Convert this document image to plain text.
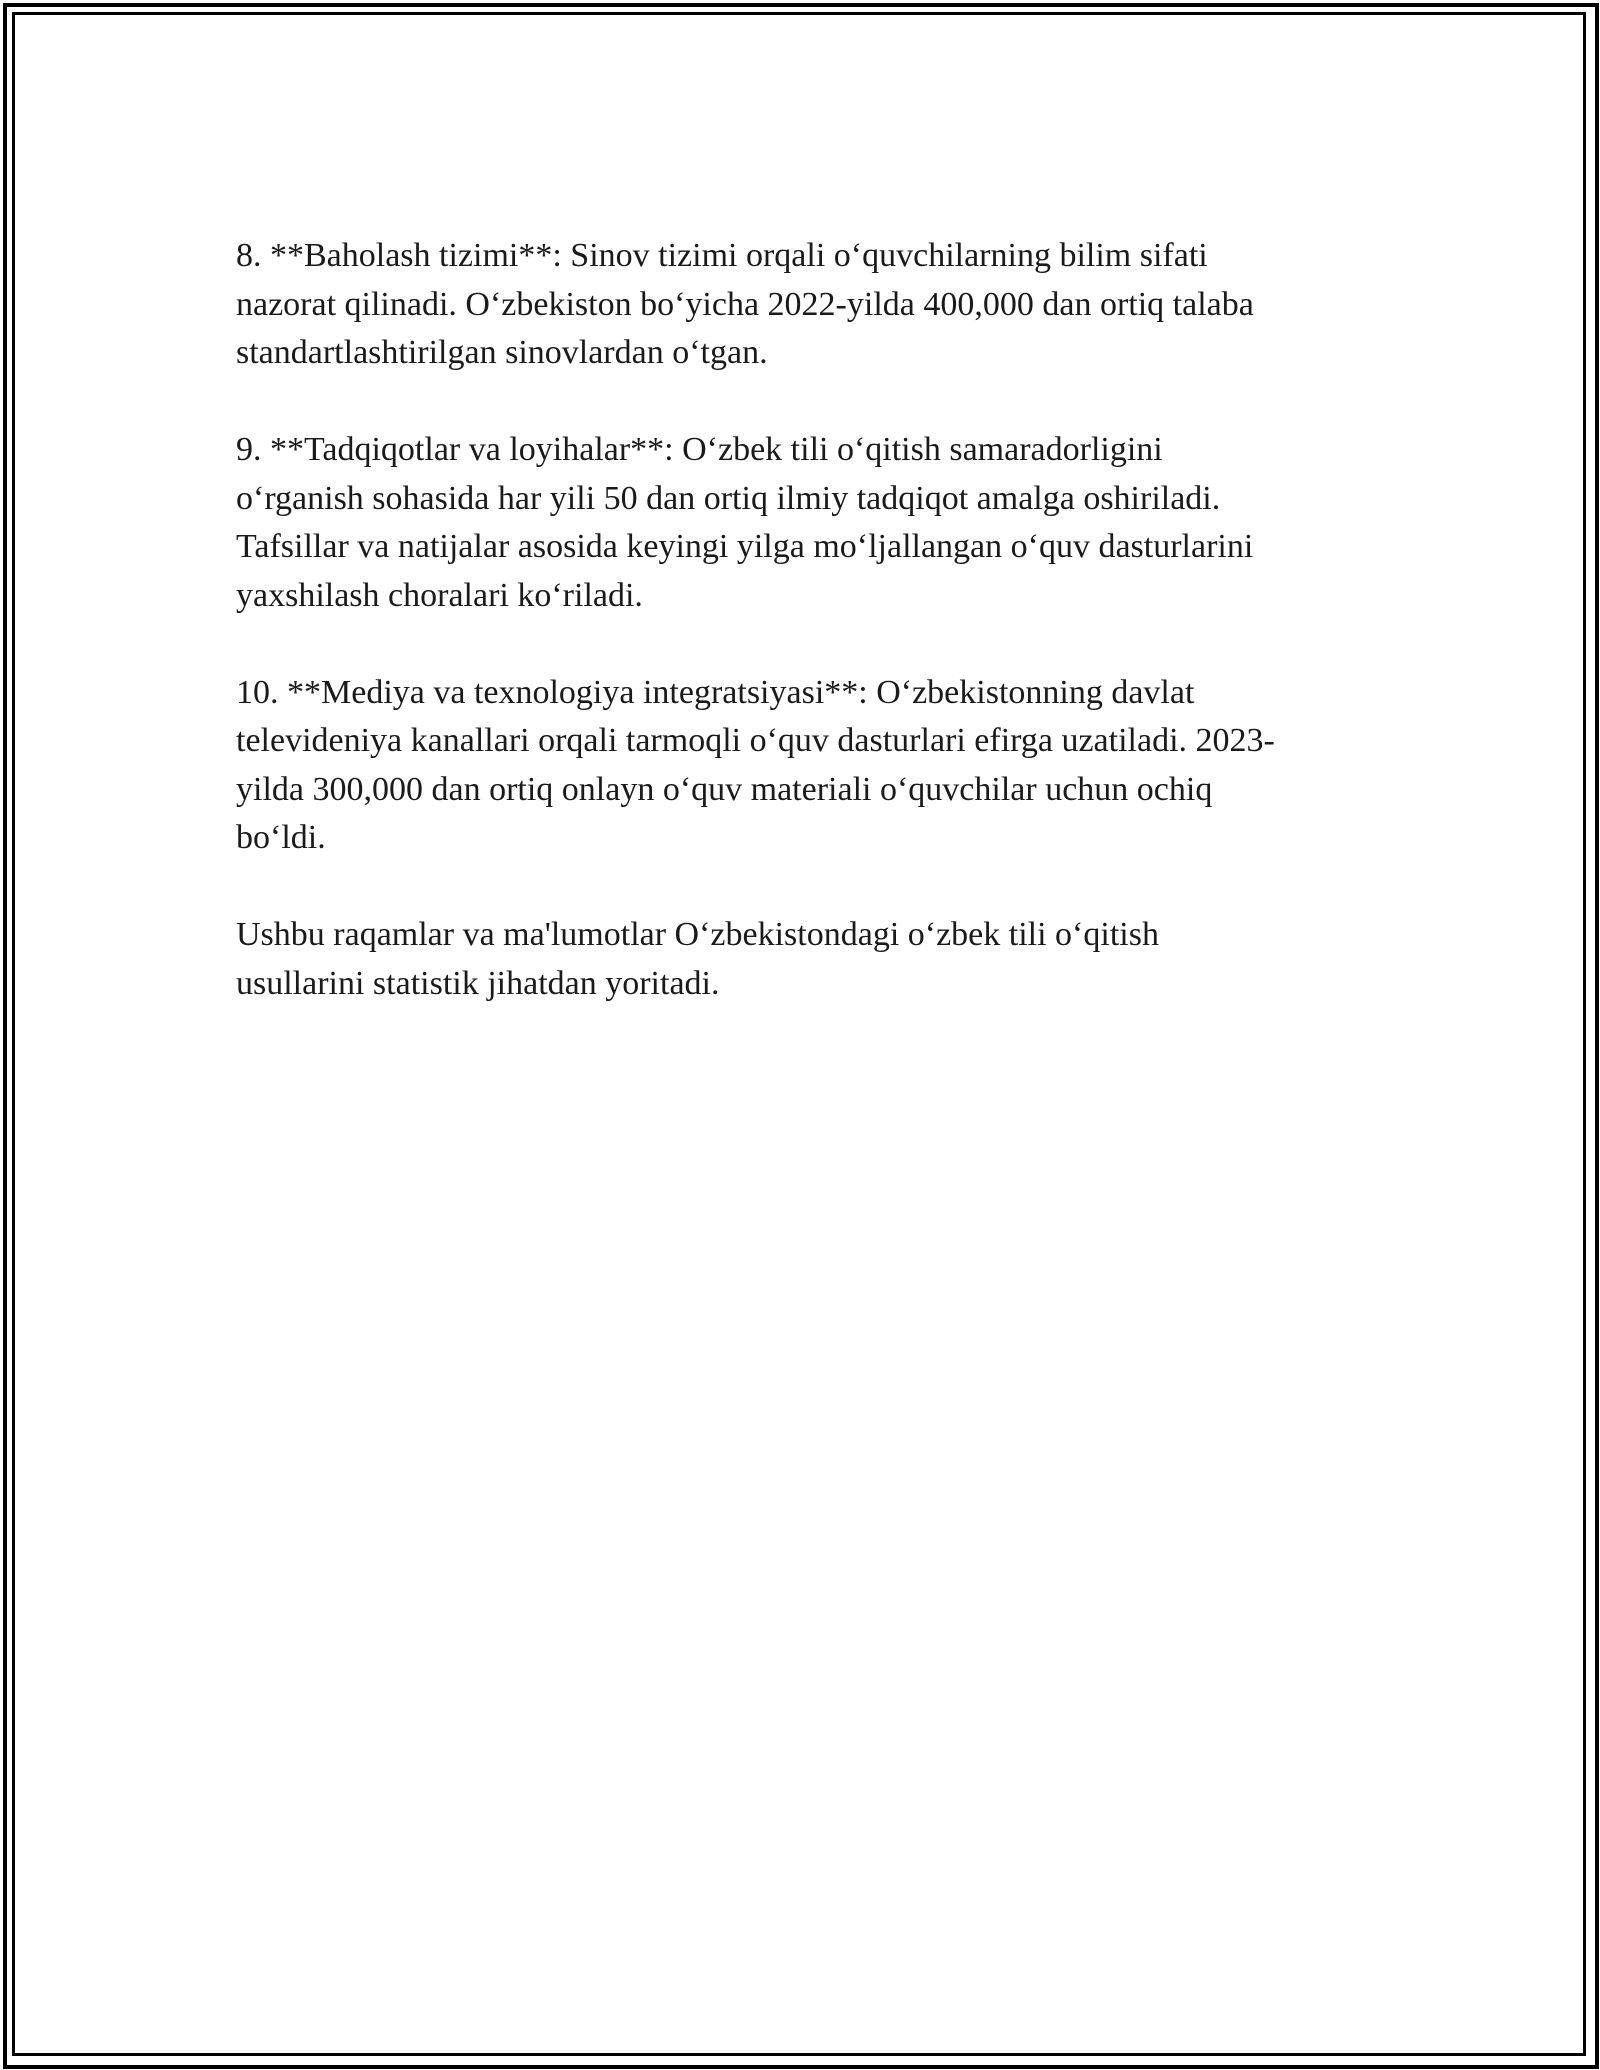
8. **Baholash tizimi**: Sinov tizimi orqali oʻquvchilarning bilim sifati
nazorat qilinadi. Oʻzbekiston boʻyicha 2022-yilda 400,000 dan ortiq talaba
standartlashtirilgan sinovlardan oʻtgan.

9. **Tadqiqotlar va loyihalar**: Oʻzbek tili oʻqitish samaradorligini
oʻrganish sohasida har yili 50 dan ortiq ilmiy tadqiqot amalga oshiriladi.
Tafsillar va natijalar asosida keyingi yilga moʻljallangan oʻquv dasturlarini
yaxshilash choralari koʻriladi.

10. **Mediya va texnologiya integratsiyasi**: Oʻzbekistonning davlat
televideniya kanallari orqali tarmoqli oʻquv dasturlari efirga uzatiladi. 2023-
yilda 300,000 dan ortiq onlayn oʻquv materiali oʻquvchilar uchun ochiq
boʻldi.

Ushbu raqamlar va ma'lumotlar Oʻzbekistondagi oʻzbek tili oʻqitish
usullarini statistik jihatdan yoritadi.
